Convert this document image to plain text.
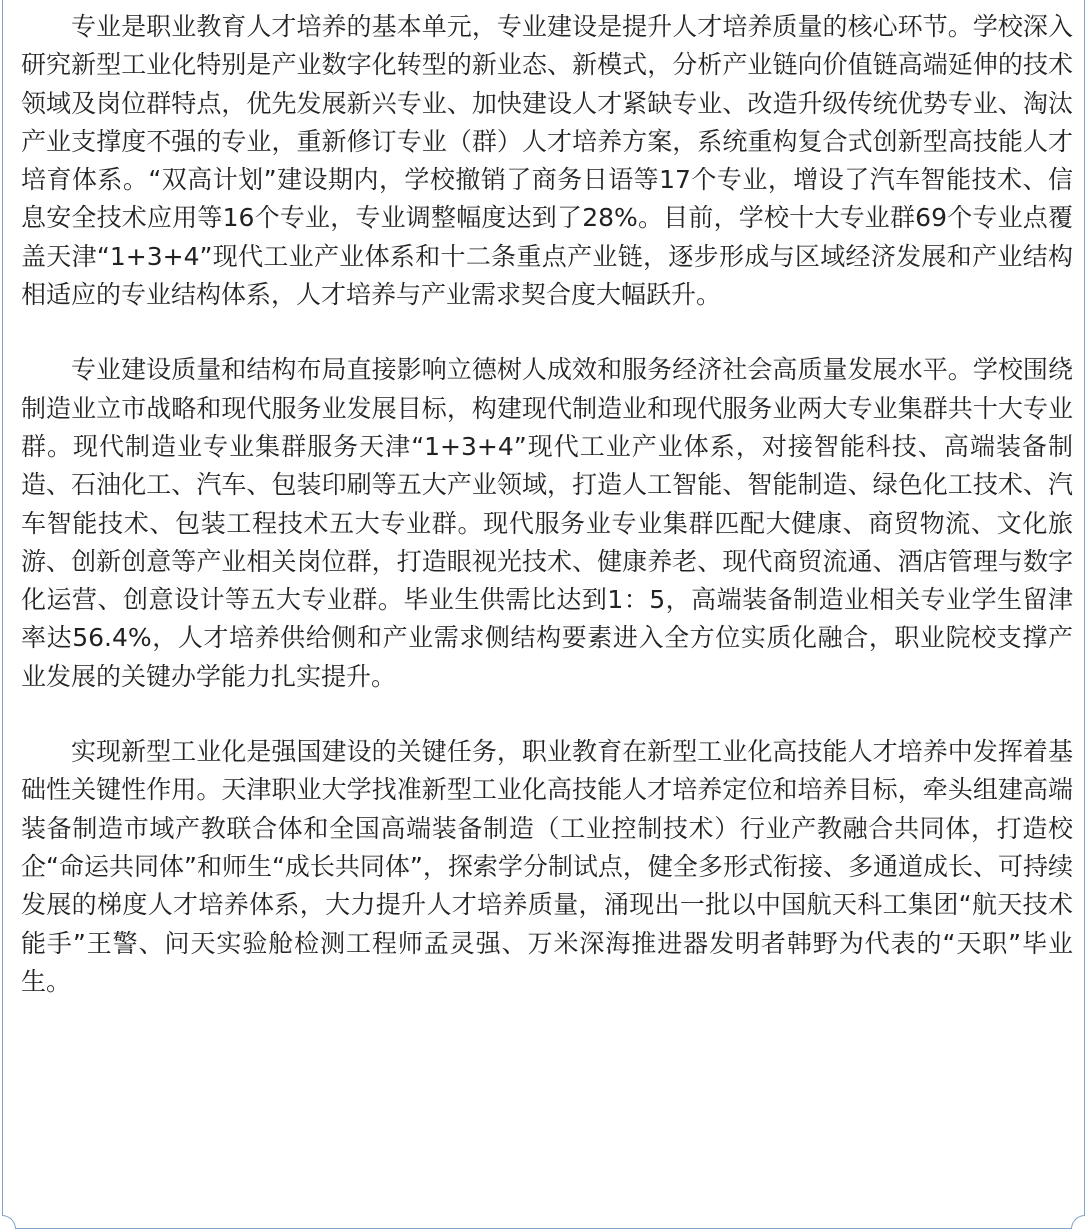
专业是职业教育人才培养的基本单元，专业建设是提升人才培养质量的核心环节。学校深入研究新型工业化特别是产业数字化转型的新业态、新模式，分析产业链向价值链高端延伸的技术领域及岗位群特点，优先发展新兴专业、加快建设人才紧缺专业、改造升级传统优势专业、淘汰产业支撑度不强的专业，重新修订专业（群）人才培养方案，系统重构复合式创新型高技能人才培育体系。“双高计划”建设期内，学校撤销了商务日语等17个专业，增设了汽车智能技术、信息安全技术应用等16个专业，专业调整幅度达到了28%。目前，学校十大专业群69个专业点覆盖天津“1+3+4”现代工业产业体系和十二条重点产业链，逐步形成与区域经济发展和产业结构相适应的专业结构体系，人才培养与产业需求契合度大幅跃升。

专业建设质量和结构布局直接影响立德树人成效和服务经济社会高质量发展水平。学校围绕制造业立市战略和现代服务业发展目标，构建现代制造业和现代服务业两大专业集群共十大专业群。现代制造业专业集群服务天津“1+3+4”现代工业产业体系，对接智能科技、高端装备制造、石油化工、汽车、包装印刷等五大产业领域，打造人工智能、智能制造、绿色化工技术、汽车智能技术、包装工程技术五大专业群。现代服务业专业集群匹配大健康、商贸物流、文化旅游、创新创意等产业相关岗位群，打造眼视光技术、健康养老、现代商贸流通、酒店管理与数字化运营、创意设计等五大专业群。毕业生供需比达到1：5，高端装备制造业相关专业学生留津率达56.4%，人才培养供给侧和产业需求侧结构要素进入全方位实质化融合，职业院校支撑产业发展的关键办学能力扎实提升。

实现新型工业化是强国建设的关键任务，职业教育在新型工业化高技能人才培养中发挥着基础性关键性作用。天津职业大学找准新型工业化高技能人才培养定位和培养目标，牵头组建高端装备制造市域产教联合体和全国高端装备制造（工业控制技术）行业产教融合共同体，打造校企“命运共同体”和师生“成长共同体”，探索学分制试点，健全多形式衔接、多通道成长、可持续发展的梯度人才培养体系，大力提升人才培养质量，涌现出一批以中国航天科工集团“航天技术能手”王警、问天实验舱检测工程师孟灵强、万米深海推进器发明者韩野为代表的“天职”毕业生。
